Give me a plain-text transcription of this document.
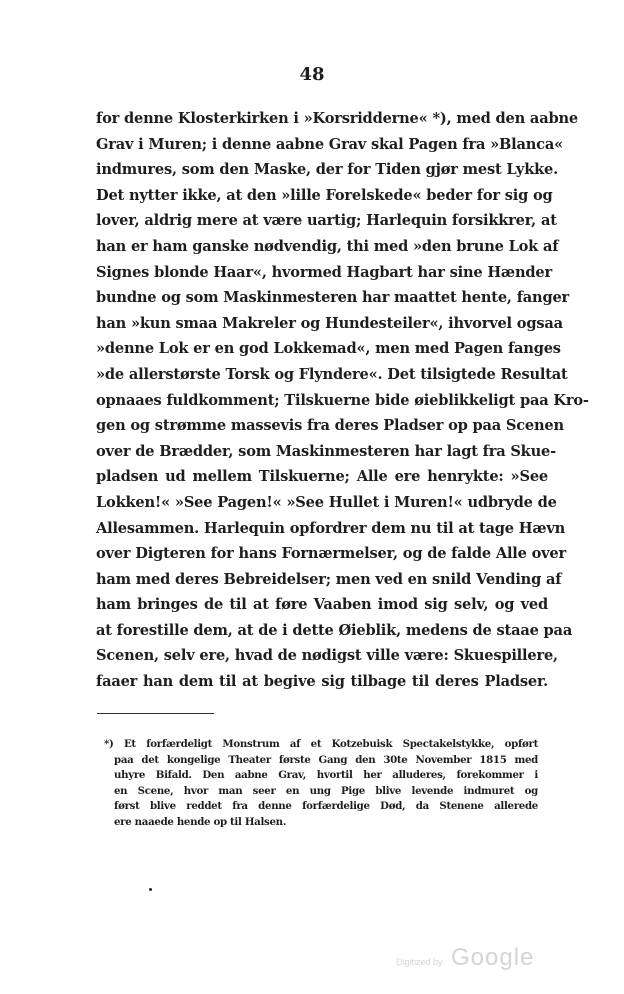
48
for denne Klosterkirken i »Korsridderne« *), med den aabne
Grav i Muren; i denne aabne Grav skal Pagen fra »Blanca«
indmures, som den Maske, der for Tiden gjør mest Lykke.
Det nytter ikke, at den »lille Forelskede« beder for sig og
lover, aldrig mere at være uartig; Harlequin forsikkrer, at
han er ham ganske nødvendig, thi med »den brune Lok af
Signes blonde Haar«, hvormed Hagbart har sine Hænder
bundne og som Maskinmesteren har maattet hente, fanger
han »kun smaa Makreler og Hundesteiler«, ihvorvel ogsaa
»denne Lok er en god Lokkemad«, men med Pagen fanges
»de allerstørste Torsk og Flyndere«. Det tilsigtede Resultat
opnaaes fuldkomment; Tilskuerne bide øieblikkeligt paa Kro-
gen og strømme massevis fra deres Pladser op paa Scenen
over de Brædder, som Maskinmesteren har lagt fra Skue-
pladsen ud mellem Tilskuerne; Alle ere henrykte: »See
Lokken!« »See Pagen!« »See Hullet i Muren!« udbryde de
Allesammen. Harlequin opfordrer dem nu til at tage Hævn
over Digteren for hans Fornærmelser, og de falde Alle over
ham med deres Bebreidelser; men ved en snild Vending af
ham bringes de til at føre Vaaben imod sig selv, og ved
at forestille dem, at de i dette Øieblik, medens de staae paa
Scenen, selv ere, hvad de nødigst ville være: Skuespillere,
faaer han dem til at begive sig tilbage til deres Pladser.
*) Et forfærdeligt Monstrum af et Kotzebuisk Spectakelstykke, opført
paa det kongelige Theater første Gang den 30te November 1815 med
uhyre Bifald. Den aabne Grav, hvortil her alluderes, forekommer i
en Scene, hvor man seer en ung Pige blive levende indmuret og
først blive reddet fra denne forfærdelige Død, da Stenene allerede
ere naaede hende op til Halsen.
Digitized by Google
